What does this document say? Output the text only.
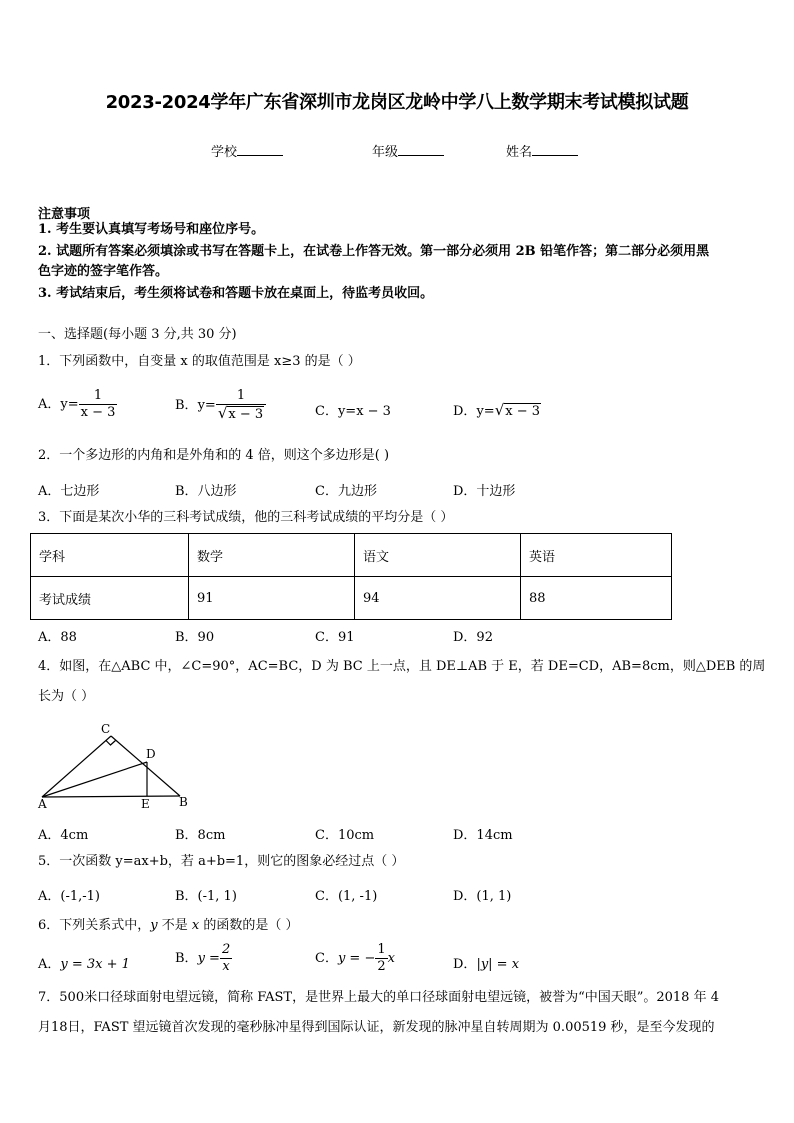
2023-2024学年广东省深圳市龙岗区龙岭中学八上数学期末考试模拟试题
学校	年级	姓名
注意事项
1. 考生要认真填写考场号和座位序号。
2. 试题所有答案必须填涂或书写在答题卡上，在试卷上作答无效。第一部分必须用 2B 铅笔作答；第二部分必须用黑
色字迹的签字笔作答。
3. 考试结束后，考生须将试卷和答题卡放在桌面上，待监考员收回。
一、选择题(每小题 3 分,共 30 分)
1．下列函数中，自变量 x 的取值范围是 x≥3 的是（ ）
A．$y= \frac{1}{x - 3}$	B．$y= \frac{1}{√x - 3}$	C．y=x − 3	D．y=√x − 3
2．一个多边形的内角和是外角和的 4 倍，则这个多边形是( )
A．七边形	B．八边形	C．九边形	D．十边形
3．下面是某次小华的三科考试成绩，他的三科考试成绩的平均分是（ ）
学科	数学	语文	英语
考试成绩	91	94	88
A．88	B．90	C．91	D．92
4．如图，在△ABC 中，∠C=90°，AC=BC，D 为 BC 上一点，且 DE⊥AB 于 E，若 DE=CD，AB=8cm，则△DEB 的周
长为（ ）
C
D
A	E B
A．4cm	B．8cm	C．10cm	D．14cm
5．一次函数 y=ax+b，若 a+b=1，则它的图象必经过点（ ）
A．(-1,-1)	B．(-1, 1)	C．(1, -1)	D．(1, 1)
6．下列关系式中，y 不是 x 的函数的是（ ）
A．y = 3x + 1	B．$y = \frac{2}{x}$	C．y = − $\frac{1}{2}$ x	D．|y| = x
7．500米口径球面射电望远镜，简称 FAST，是世界上最大的单口径球面射电望远镜，被誉为“中国天眼”。2018 年 4
月18日，FAST 望远镜首次发现的毫秒脉冲星得到国际认证，新发现的脉冲星自转周期为 0.00519 秒，是至今发现的
